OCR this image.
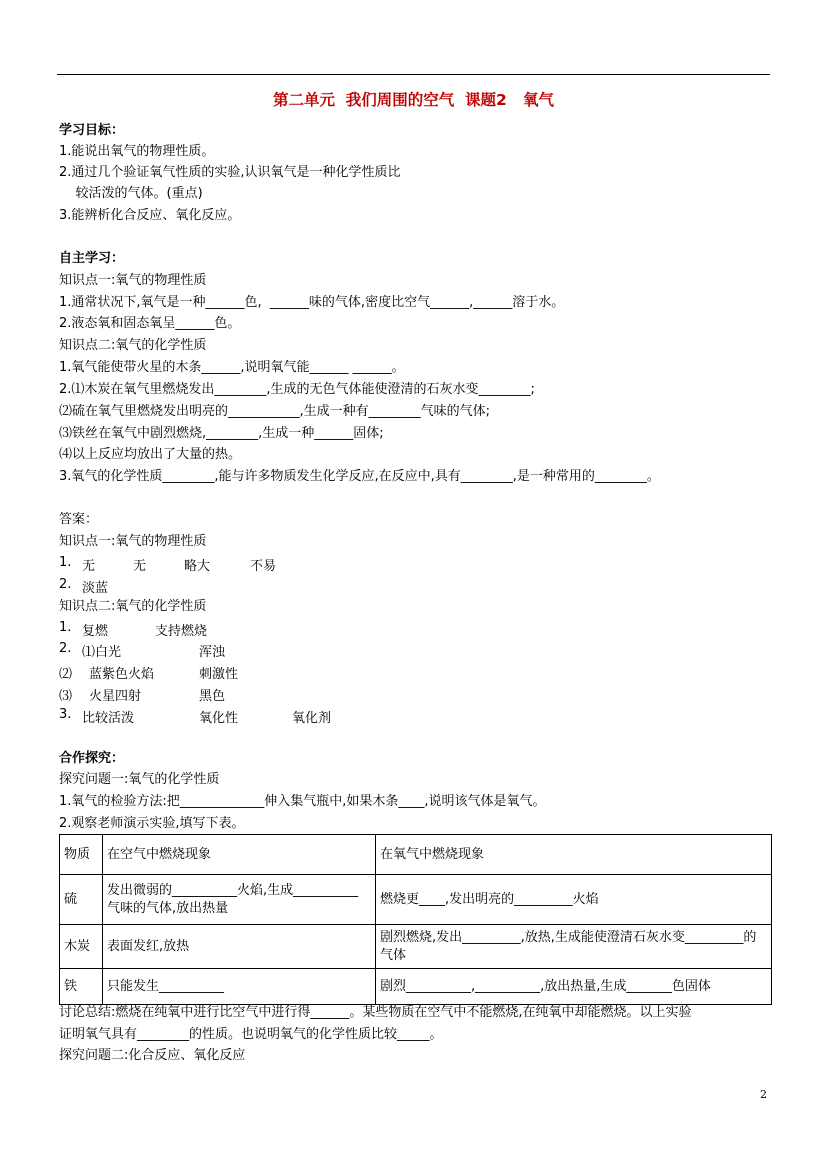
第二单元  我们周围的空气  课题2   氧气
学习目标：
1.能说出氧气的物理性质。
2.通过几个验证氧气性质的实验,认识氧气是一种化学性质比
较活泼的气体。(重点)
3.能辨析化合反应、氧化反应。
自主学习：
知识点一:氧气的物理性质
1.通常状况下,氧气是一种______色,  ______味的气体,密度比空气______,______溶于水。
2.液态氧和固态氧呈______色。
知识点二:氧气的化学性质
1.氧气能使带火星的木条______,说明氧气能______ ______。
2.⑴木炭在氧气里燃烧发出________,生成的无色气体能使澄清的石灰水变________;
⑵硫在氧气里燃烧发出明亮的___________,生成一种有________气味的气体;
⑶铁丝在氧气中剧烈燃烧,________,生成一种______固体;
⑷以上反应均放出了大量的热。
3.氧气的化学性质________,能与许多物质发生化学反应,在反应中,具有________,是一种常用的________。
答案：
知识点一:氧气的物理性质
1. 无	无	略大	不易
2. 淡蓝
知识点二:氧气的化学性质
1. 复燃	支持燃烧
2. ⑴白光	浑浊
⑵ 蓝紫色火焰	刺激性
⑶ 火星四射	黑色
3. 比较活泼	氧化性	氧化剂
合作探究：
探究问题一:氧气的化学性质
1.氧气的检验方法:把_____________伸入集气瓶中,如果木条____,说明该气体是氧气。
2.观察老师演示实验,填写下表。
物质	在空气中燃烧现象	在氧气中燃烧现象
硫	发出微弱的__________火焰,生成__________气味的气体,放出热量	燃烧更____,发出明亮的_________火焰
木炭	表面发红,放热	剧烈燃烧,发出_________,放热,生成能使澄清石灰水变_________的气体
铁	只能发生__________	剧烈__________,__________,放出热量,生成_______色固体
讨论总结:燃烧在纯氧中进行比空气中进行得______。某些物质在空气中不能燃烧,在纯氧中却能燃烧。以上实验
证明氧气具有________的性质。也说明氧气的化学性质比较_____。
探究问题二:化合反应、氧化反应
2
